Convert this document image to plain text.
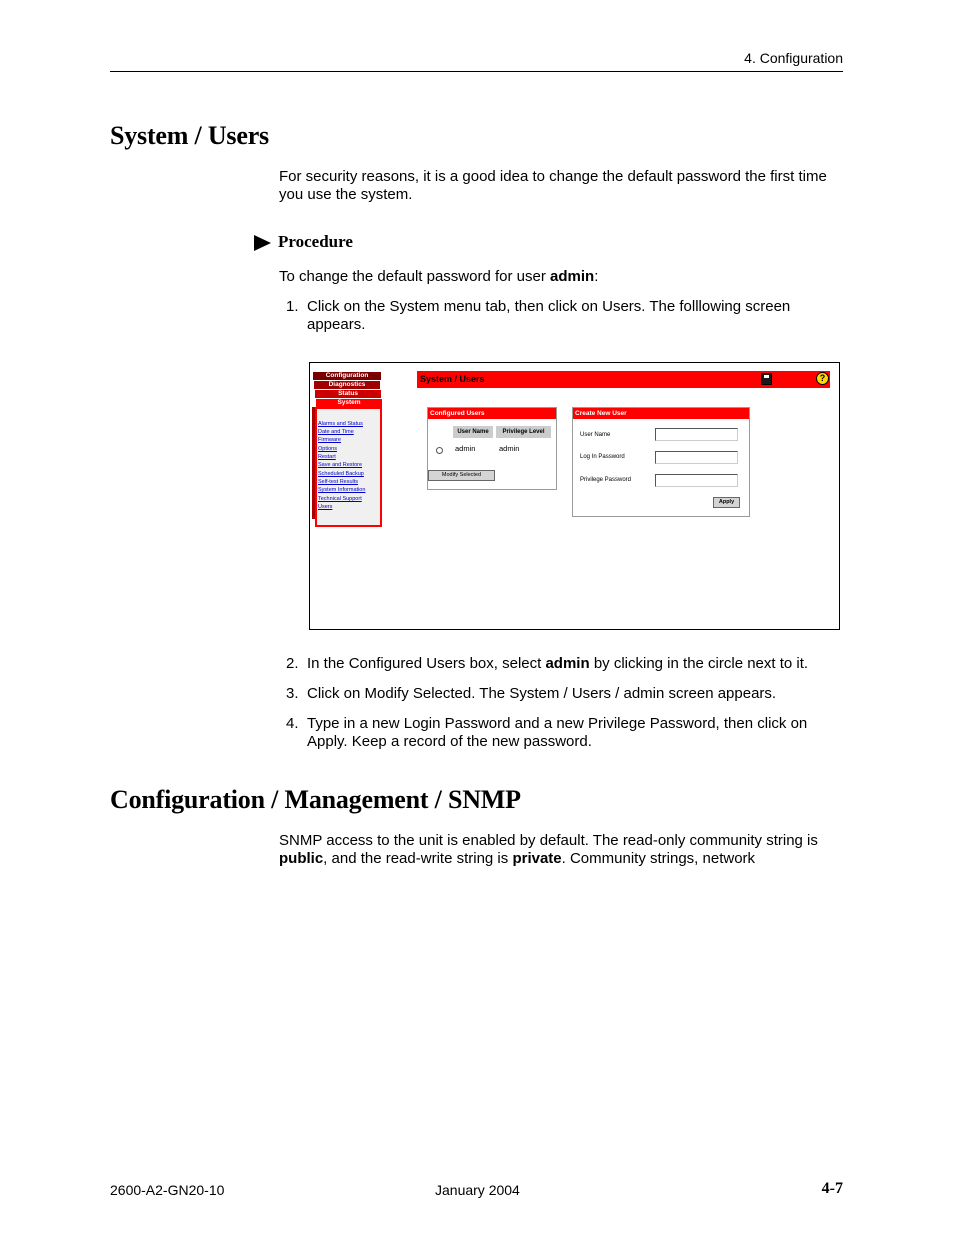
4. Configuration
System / Users
For security reasons, it is a good idea to change the default password the first time
you use the system.
Procedure
To change the default password for user admin:
1. Click on the System menu tab, then click on Users. The folllowing screen
appears.
Configuration
Diagnostics
Status
System
Alarms and Status
Date and Time
Firmware
Options
Restart
Save and Restore
Scheduled Backup
Self-test Results
System Information
Technical Support
Users
System / Users	?
Configured Users
User Name	Privilege Level
admin	admin
Modify Selected
Create New User
User Name
Log In Password
Privilege Password
Apply
2. In the Configured Users box, select admin by clicking in the circle next to it.
3. Click on Modify Selected. The System / Users / admin screen appears.
4. Type in a new Login Password and a new Privilege Password, then click on
Apply. Keep a record of the new password.
Configuration / Management / SNMP
SNMP access to the unit is enabled by default. The read-only community string is
public, and the read-write string is private. Community strings, network
2600-A2-GN20-10	January 2004	4-7
